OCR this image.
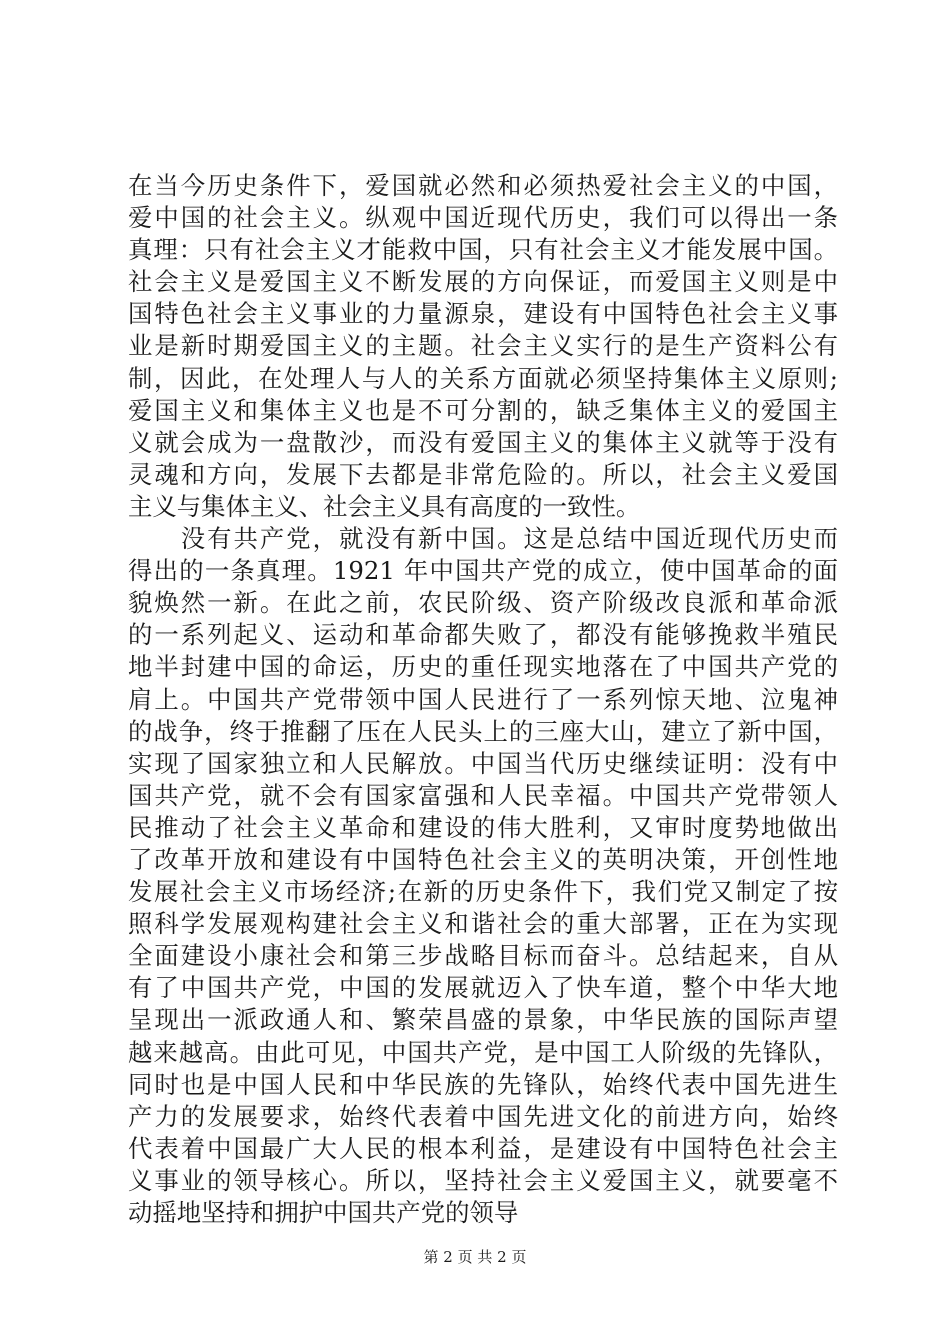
在当今历史条件下，爱国就必然和必须热爱社会主义的中国，
爱中国的社会主义。纵观中国近现代历史，我们可以得出一条
真理：只有社会主义才能救中国，只有社会主义才能发展中国。
社会主义是爱国主义不断发展的方向保证，而爱国主义则是中
国特色社会主义事业的力量源泉，建设有中国特色社会主义事
业是新时期爱国主义的主题。社会主义实行的是生产资料公有
制，因此，在处理人与人的关系方面就必须坚持集体主义原则;
爱国主义和集体主义也是不可分割的，缺乏集体主义的爱国主
义就会成为一盘散沙，而没有爱国主义的集体主义就等于没有
灵魂和方向，发展下去都是非常危险的。所以，社会主义爱国
主义与集体主义、社会主义具有高度的一致性。
　　没有共产党，就没有新中国。这是总结中国近现代历史而
得出的一条真理。1921 年中国共产党的成立，使中国革命的面
貌焕然一新。在此之前，农民阶级、资产阶级改良派和革命派
的一系列起义、运动和革命都失败了，都没有能够挽救半殖民
地半封建中国的命运，历史的重任现实地落在了中国共产党的
肩上。中国共产党带领中国人民进行了一系列惊天地、泣鬼神
的战争，终于推翻了压在人民头上的三座大山，建立了新中国，
实现了国家独立和人民解放。中国当代历史继续证明：没有中
国共产党，就不会有国家富强和人民幸福。中国共产党带领人
民推动了社会主义革命和建设的伟大胜利，又审时度势地做出
了改革开放和建设有中国特色社会主义的英明决策，开创性地
发展社会主义市场经济;在新的历史条件下，我们党又制定了按
照科学发展观构建社会主义和谐社会的重大部署，正在为实现
全面建设小康社会和第三步战略目标而奋斗。总结起来，自从
有了中国共产党，中国的发展就迈入了快车道，整个中华大地
呈现出一派政通人和、繁荣昌盛的景象，中华民族的国际声望
越来越高。由此可见，中国共产党，是中国工人阶级的先锋队，
同时也是中国人民和中华民族的先锋队，始终代表中国先进生
产力的发展要求，始终代表着中国先进文化的前进方向，始终
代表着中国最广大人民的根本利益，是建设有中国特色社会主
义事业的领导核心。所以，坚持社会主义爱国主义，就要毫不
动摇地坚持和拥护中国共产党的领导
第 2 页 共 2 页
